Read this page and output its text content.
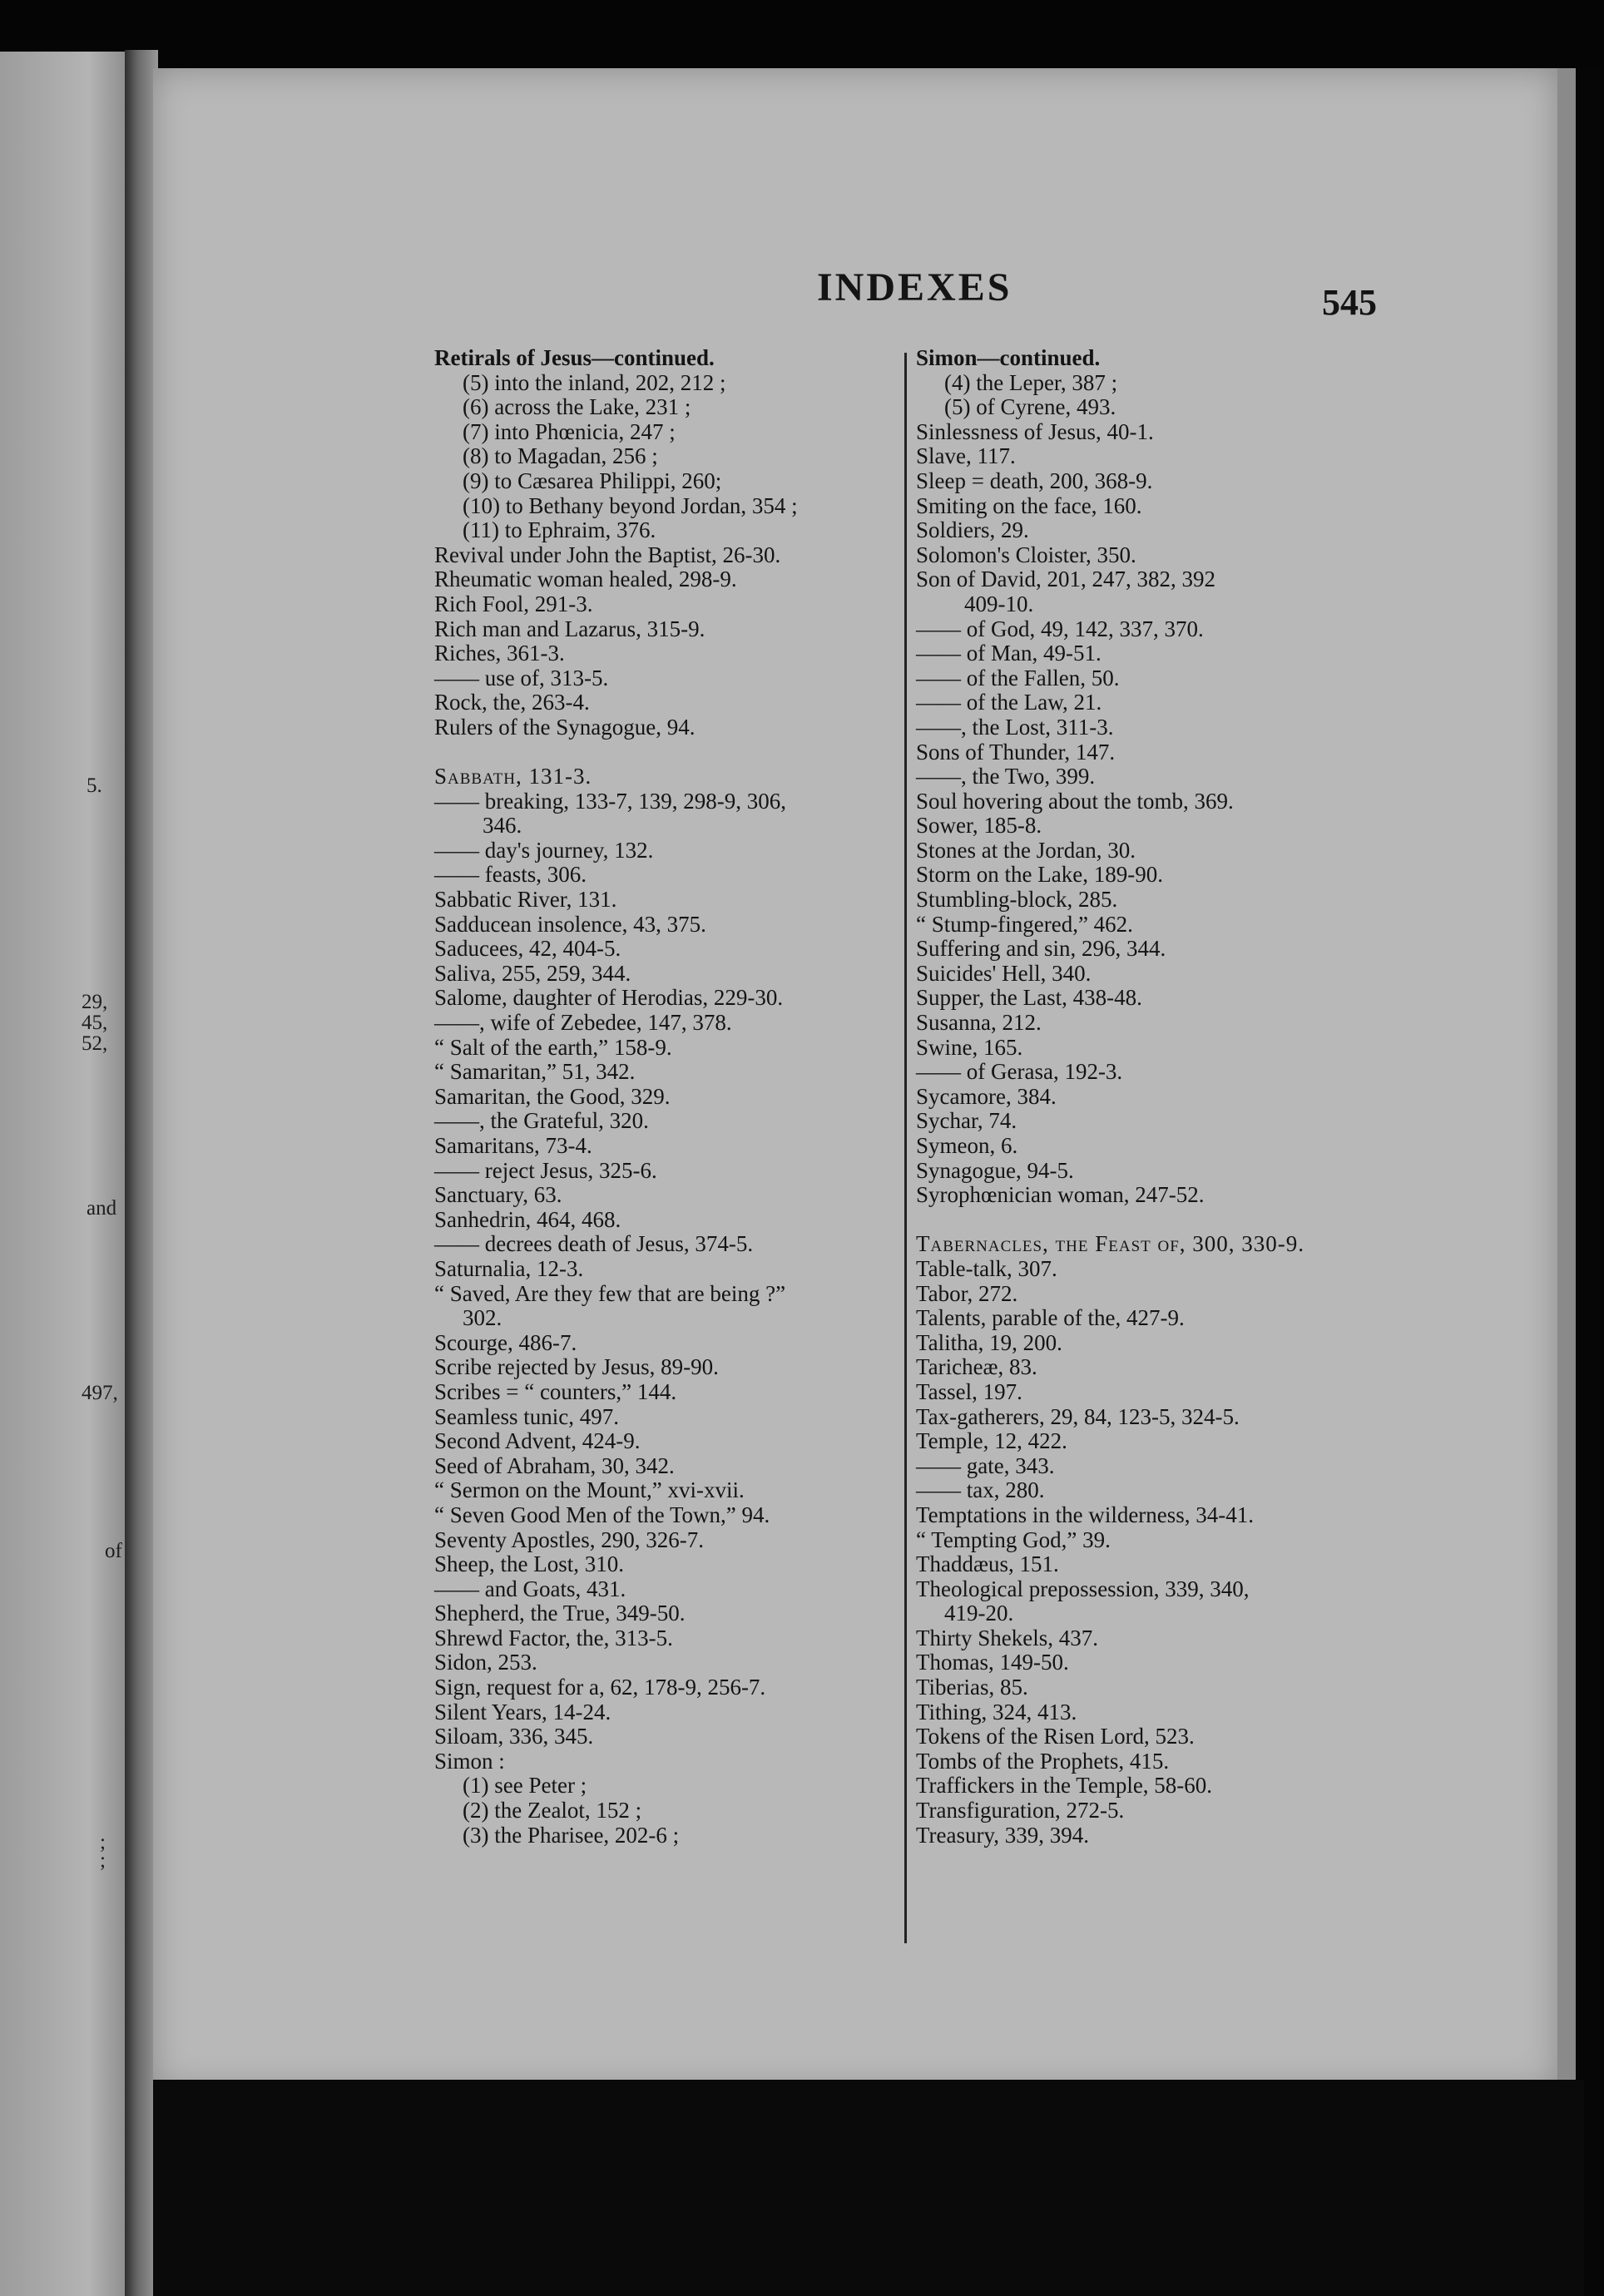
5.
29,
45,
52,
and
497,
of
;
;
INDEXES	545
Retirals of Jesus—continued.
(5) into the inland, 202, 212 ;
(6) across the Lake, 231 ;
(7) into Phœnicia, 247 ;
(8) to Magadan, 256 ;
(9) to Cæsarea Philippi, 260;
(10) to Bethany beyond Jordan, 354 ;
(11) to Ephraim, 376.
Revival under John the Baptist, 26-30.
Rheumatic woman healed, 298-9.
Rich Fool, 291-3.
Rich man and Lazarus, 315-9.
Riches, 361-3.
—— use of, 313-5.
Rock, the, 263-4.
Rulers of the Synagogue, 94.
Sabbath, 131-3.
—— breaking, 133-7, 139, 298-9, 306,
346.
—— day's journey, 132.
—— feasts, 306.
Sabbatic River, 131.
Sadducean insolence, 43, 375.
Saducees, 42, 404-5.
Saliva, 255, 259, 344.
Salome, daughter of Herodias, 229-30.
——, wife of Zebedee, 147, 378.
“ Salt of the earth,” 158-9.
“ Samaritan,” 51, 342.
Samaritan, the Good, 329.
——, the Grateful, 320.
Samaritans, 73-4.
—— reject Jesus, 325-6.
Sanctuary, 63.
Sanhedrin, 464, 468.
—— decrees death of Jesus, 374-5.
Saturnalia, 12-3.
“ Saved, Are they few that are being ?”
302.
Scourge, 486-7.
Scribe rejected by Jesus, 89-90.
Scribes = “ counters,” 144.
Seamless tunic, 497.
Second Advent, 424-9.
Seed of Abraham, 30, 342.
“ Sermon on the Mount,” xvi-xvii.
“ Seven Good Men of the Town,” 94.
Seventy Apostles, 290, 326-7.
Sheep, the Lost, 310.
—— and Goats, 431.
Shepherd, the True, 349-50.
Shrewd Factor, the, 313-5.
Sidon, 253.
Sign, request for a, 62, 178-9, 256-7.
Silent Years, 14-24.
Siloam, 336, 345.
Simon :
(1) see Peter ;
(2) the Zealot, 152 ;
(3) the Pharisee, 202-6 ;
Simon—continued.
(4) the Leper, 387 ;
(5) of Cyrene, 493.
Sinlessness of Jesus, 40-1.
Slave, 117.
Sleep = death, 200, 368-9.
Smiting on the face, 160.
Soldiers, 29.
Solomon's Cloister, 350.
Son of David, 201, 247, 382, 392
409-10.
—— of God, 49, 142, 337, 370.
—— of Man, 49-51.
—— of the Fallen, 50.
—— of the Law, 21.
——, the Lost, 311-3.
Sons of Thunder, 147.
——, the Two, 399.
Soul hovering about the tomb, 369.
Sower, 185-8.
Stones at the Jordan, 30.
Storm on the Lake, 189-90.
Stumbling-block, 285.
“ Stump-fingered,” 462.
Suffering and sin, 296, 344.
Suicides' Hell, 340.
Supper, the Last, 438-48.
Susanna, 212.
Swine, 165.
—— of Gerasa, 192-3.
Sycamore, 384.
Sychar, 74.
Symeon, 6.
Synagogue, 94-5.
Syrophœnician woman, 247-52.
Tabernacles, the Feast of, 300, 330-9.
Table-talk, 307.
Tabor, 272.
Talents, parable of the, 427-9.
Talitha, 19, 200.
Taricheæ, 83.
Tassel, 197.
Tax-gatherers, 29, 84, 123-5, 324-5.
Temple, 12, 422.
—— gate, 343.
—— tax, 280.
Temptations in the wilderness, 34-41.
“ Tempting God,” 39.
Thaddæus, 151.
Theological prepossession, 339, 340,
419-20.
Thirty Shekels, 437.
Thomas, 149-50.
Tiberias, 85.
Tithing, 324, 413.
Tokens of the Risen Lord, 523.
Tombs of the Prophets, 415.
Traffickers in the Temple, 58-60.
Transfiguration, 272-5.
Treasury, 339, 394.
